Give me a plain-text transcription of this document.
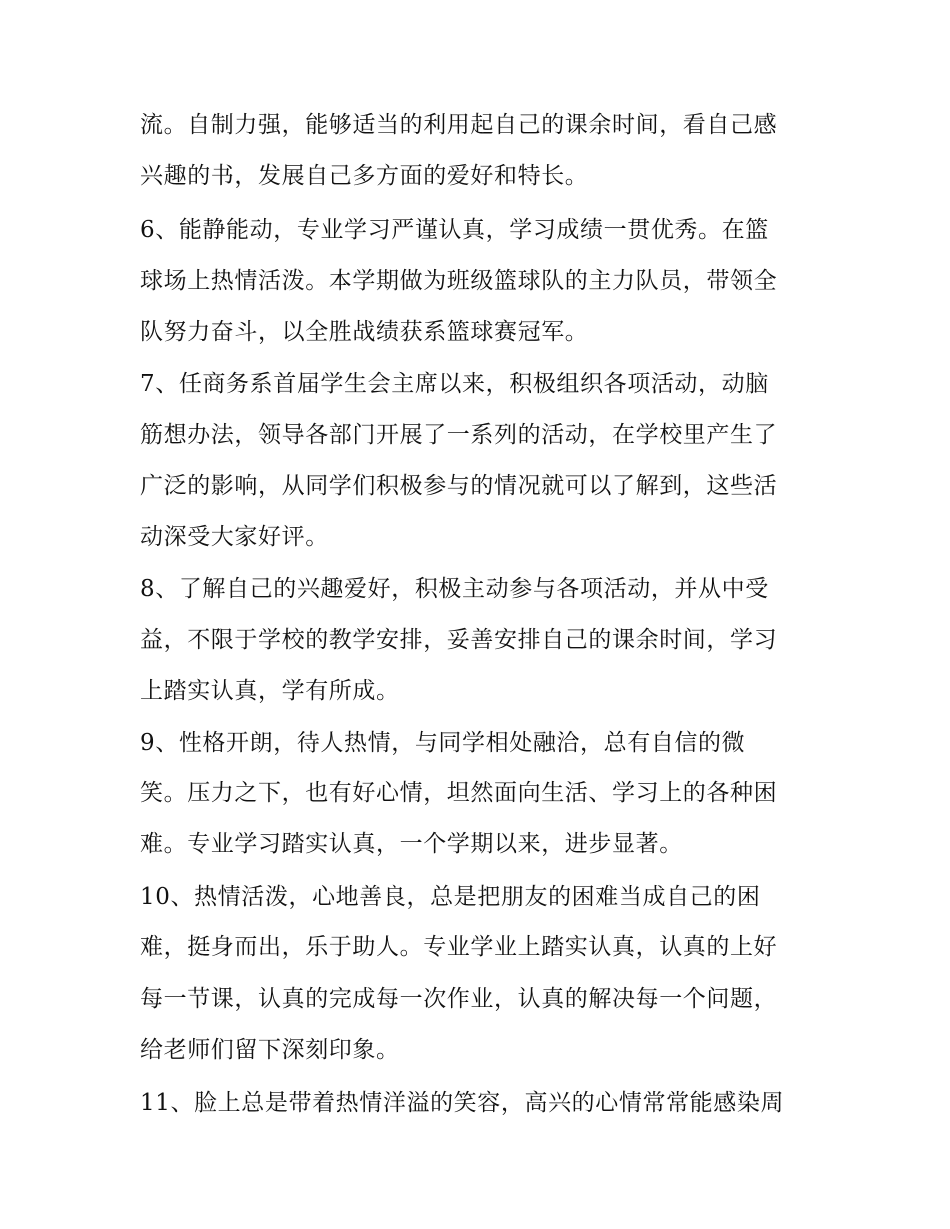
流。自制力强，能够适当的利用起自己的课余时间，看自己感
兴趣的书，发展自己多方面的爱好和特长。
6、能静能动，专业学习严谨认真，学习成绩一贯优秀。在篮
球场上热情活泼。本学期做为班级篮球队的主力队员，带领全
队努力奋斗，以全胜战绩获系篮球赛冠军。
7、任商务系首届学生会主席以来，积极组织各项活动，动脑
筋想办法，领导各部门开展了一系列的活动，在学校里产生了
广泛的影响，从同学们积极参与的情况就可以了解到，这些活
动深受大家好评。
8、了解自己的兴趣爱好，积极主动参与各项活动，并从中受
益，不限于学校的教学安排，妥善安排自己的课余时间，学习
上踏实认真，学有所成。
9、性格开朗，待人热情，与同学相处融洽，总有自信的微
笑。压力之下，也有好心情，坦然面向生活、学习上的各种困
难。专业学习踏实认真，一个学期以来，进步显著。
10、热情活泼，心地善良，总是把朋友的困难当成自己的困
难，挺身而出，乐于助人。专业学业上踏实认真，认真的上好
每一节课，认真的完成每一次作业，认真的解决每一个问题，
给老师们留下深刻印象。
11、脸上总是带着热情洋溢的笑容，高兴的心情常常能感染周
